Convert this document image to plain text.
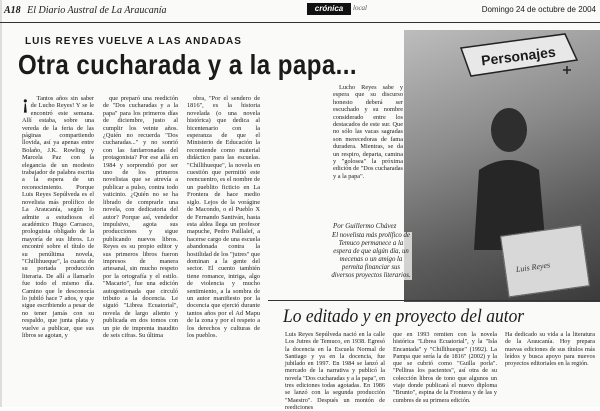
A18 El Diario Austral de La Araucanía	crónica	local	Domingo 24 de octubre de 2004
LUIS REYES VUELVE A LAS ANDADAS
Otra cucharada y a la papa...
Luis Reyes
Personajes
¡	Tantos años sin saber de Lucho Reyes! Y se le encontró este semana. Allí estaba, sobre una vereda de la feria de las páginas compartiendo llovida, así ya apenas entre Bolaño, J.K. Rowling y Marcela Paz con la elegancia de un modesto trabajador de palabra escrita a la espera de un reconocimiento. Porque Luis Reyes Sepúlveda es el novelista más prolífico de La Araucanía, según lo admite a estudiosos el académico Hugo Carrasco, prologuista obligado de la mayoría de sus libros. Lo encontré sobre el título de su penúltima novela, "Chillihueque", la cuarta de su portada producción literaria. De allí a llamarlo fue todo el mismo día. Camino que le desconocía lo jubiló hace 7 años, y que sigue escribiendo a pesar de no tener jamás con su respaldo, que junta plata y vuelve a publicar, que sus libros se agotan, y

que preparó una reedición de "Dos cucharadas y a la papa" para los primeros días de diciembre, justo al cumplir los veinte años. ¿Quién no recuerda "Dos cucharadas..." y no sonrió con las fanfarronadas del protagonista? Por ese allá en 1984 y sorprendió por ser uno de los primeros novelistas que se atrevía a publicar a pulso, contra todo vaticinio. ¿Quién no se ha librado de comprarle una novela, con dedicatoria del autor? Porque así, vendedor impulsivo, agota sus producciones y sigue publicando nuevos libros. Reyes es su propio editor y sus primeros libros fueron impresos de manera artesanal, sin mucho respeto por la ortografía y el estilo. "Macario", fue una edición autogestionada que circuló tributo a la docencia. Le siguió "Librea Ecuatorial", novela de largo aliento y publicada en dos tomos con un pie de imprenta inaudito de seis cifras. Su última

obra, "Por el sendero de 1816", es la historia novelada (o una novela histórica) que dedica al bicentenario con la esperanza de que el Ministerio de Educación la recomiende como material didáctico para las escuelas. "Chillihueque", la novela en cuestión que permitió este reencuentro, es el nombre de un pueblito ficticio en La Frontera de hace medio siglo. Lejos de la vorágine de Macondo, o el Pueblo X de Fernando Santiván, hasta esta aldea llega un profesor mapuche, Pedro Paillalef, a hacerse cargo de una escuela abandonada contra la hostilidad de los "jutres" que dominan a la gente del sector. El cuento también tiene romance, intriga, algo de violencia y mucho sentimiento, a la sombra de un autor manifiesto por la docencia que ejerció durante tantos años por el Ad Mapu de la zona y por el respeto a los derechos y culturas de los pueblos.

Lucho Reyes sabe y espera que su discurso honesto deberá ser escuchado y su nombre considerado entre los destacados de este sur. Que no sólo las vacas sagradas son merecedoras de fama duradera. Mientras, se da un respiro, departa, camina y "golosea" la próxima edición de "Dos cucharadas y a la papa".

Por Guillermo Chávez
El novelista más prolífico de Temuco permanece a la espera de que algún día, un mecenas o un amigo la permita financiar sus diversos proyectos literarios.
Lo editado y en proyecto del autor

Luis Reyes Sepúlveda nació en la calle Los Jutres de Temuco, en 1938. Egresó la docencia en la Escuela Normal de Santiago y ya en la docencia, fue jubilado en 1997. En 1984 se lanzó al mercado de la narrativa y publicó la novela "Dos cucharadas y a la papa", en tres ediciones todas agotadas. En 1986 se lanzó con la segunda producción "Maestro". Después un montón de reediciones

que en 1993 remiten con la novela histórica "Librea Ecuatorial", y la "Isla Encantada" y "Chillihueque" (1992). La Pampa que sería la de 1816" (2002) y la que se cubrió como "Guilla porla". "Pelliras los pacientes", así otra de su colección libros de tono que algunos un viaje donde publicará el nuevo diploma "Brunto", espina de la Frontera y de las y cumbres de su primera edición.

Ha dedicado su vida a la literatura de la Araucanía. Hoy prepara nuevas ediciones de sus títulos más leídos y busca apoyo para nuevos proyectos editoriales en la región.
